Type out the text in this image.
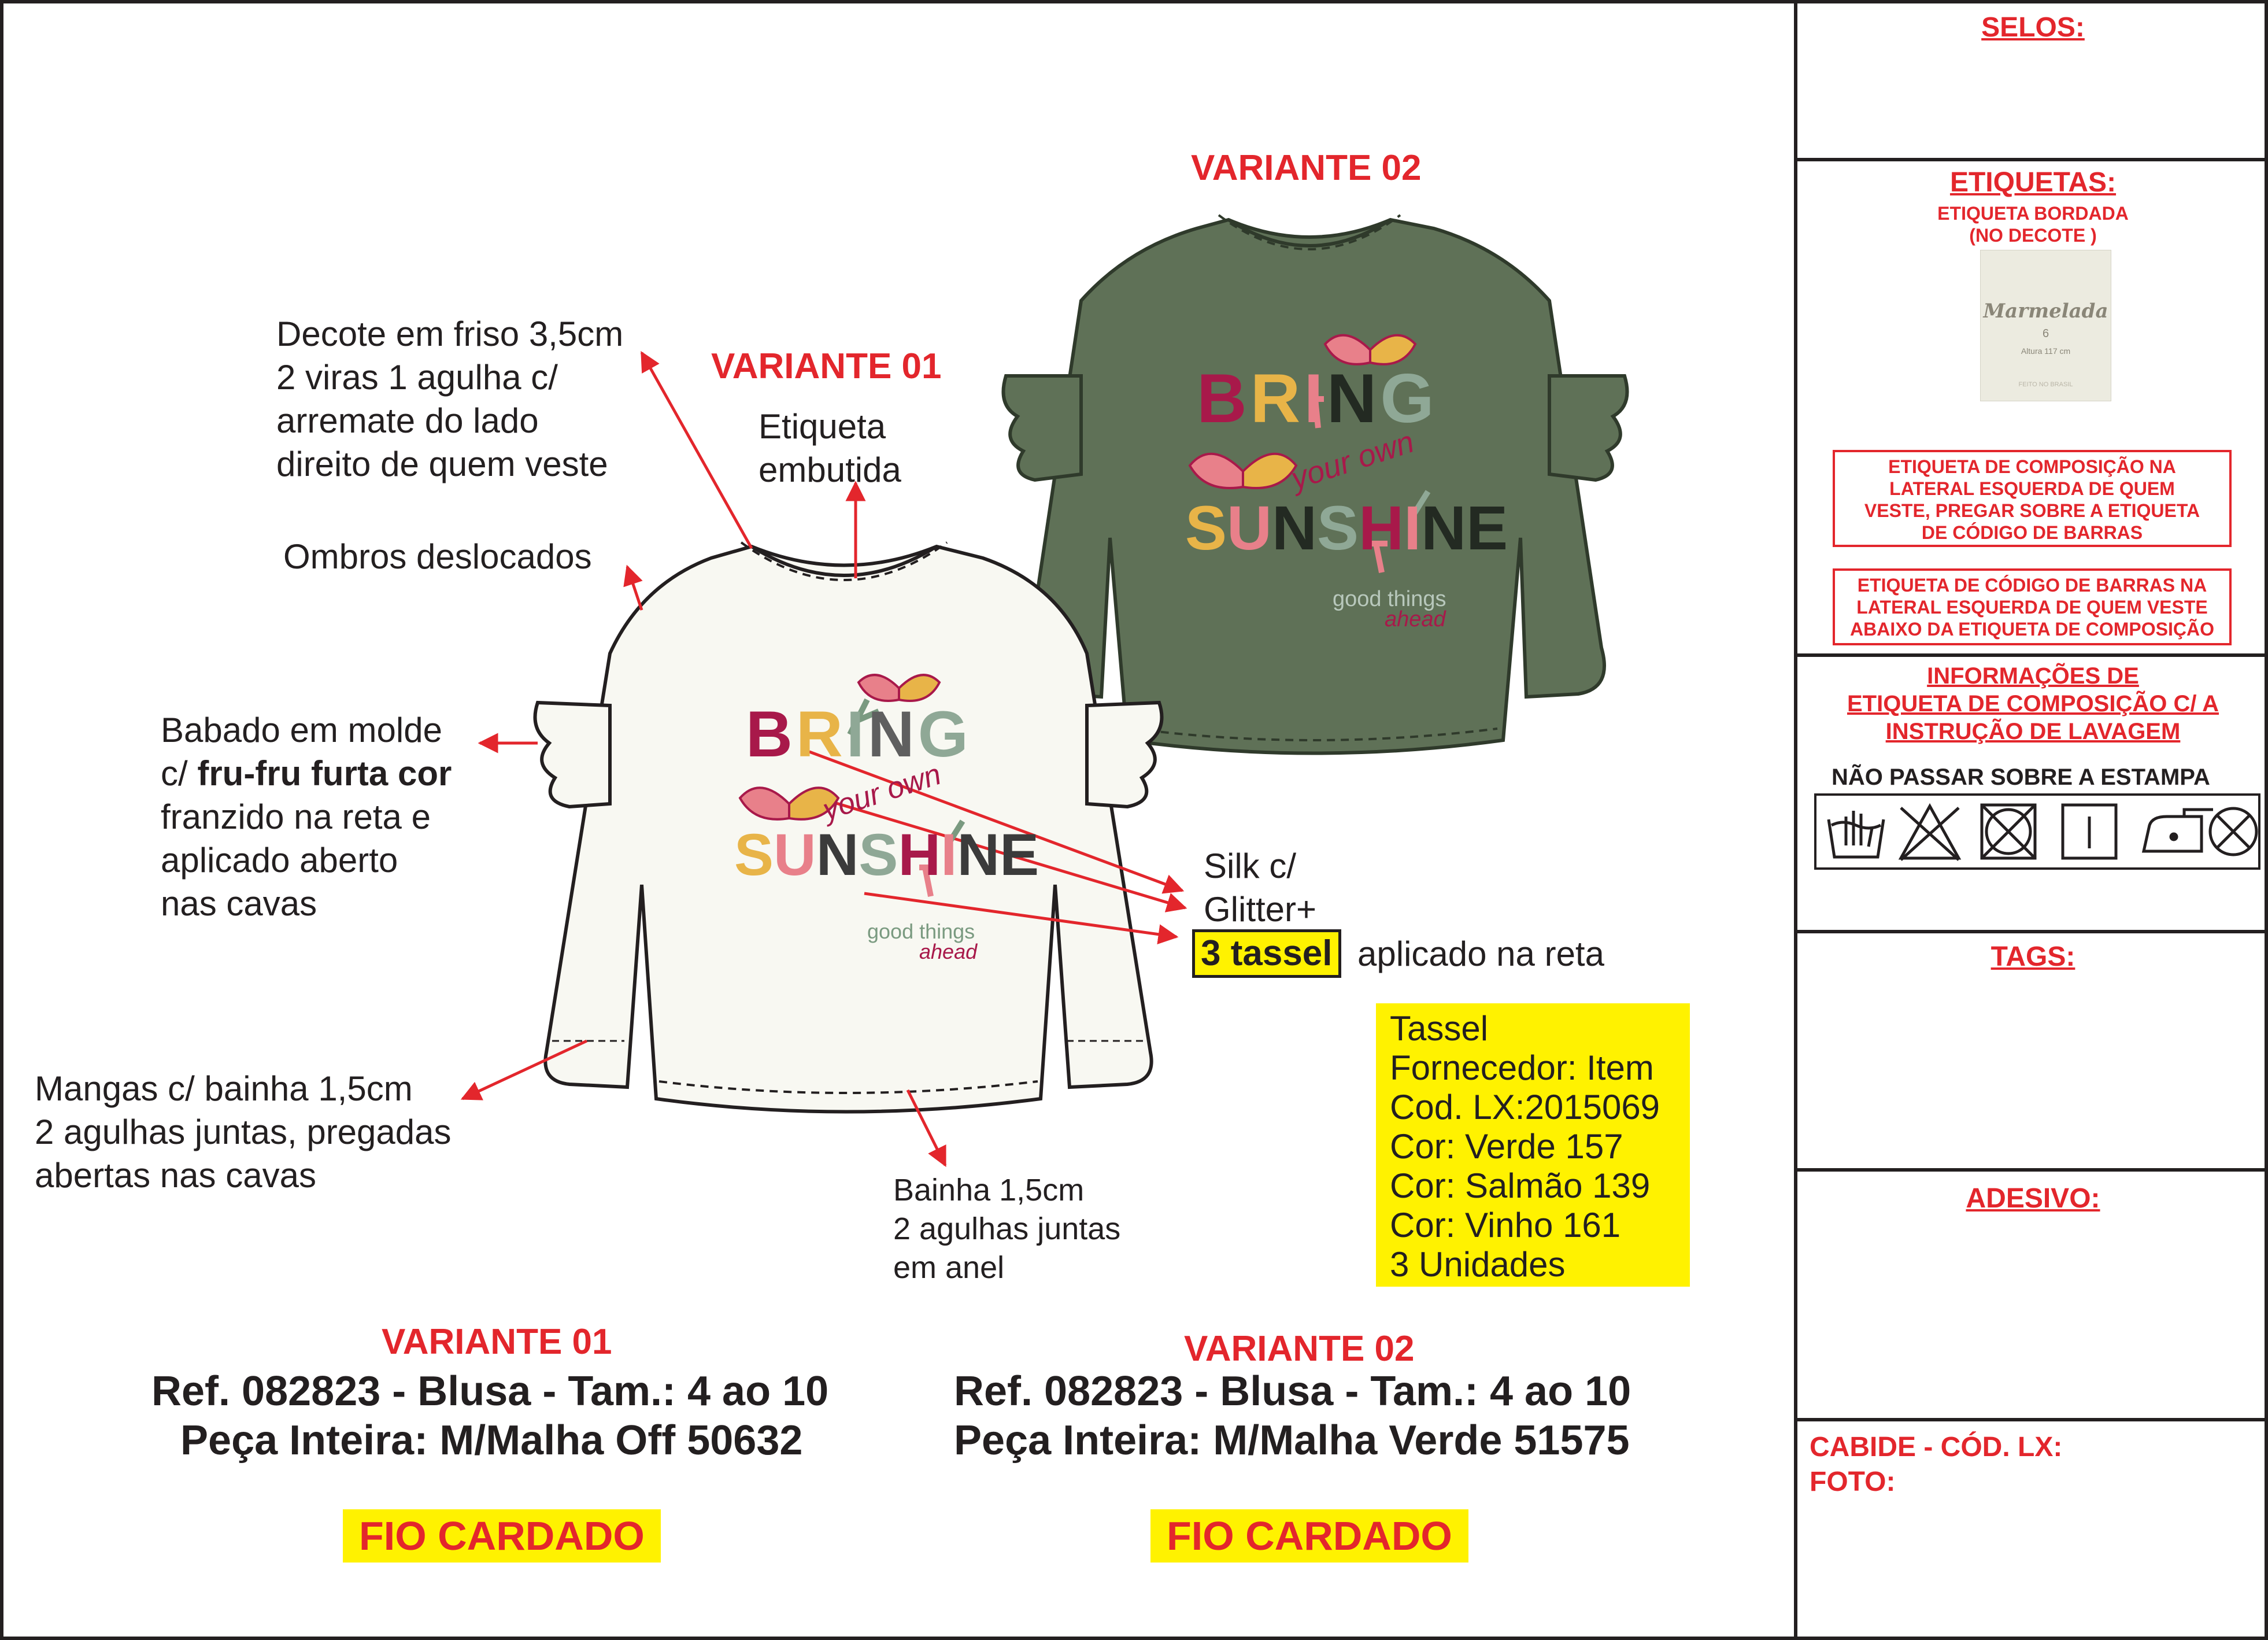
BRING
your own
SUNSHINE
good things
ahead
BRING
your own
SUNSHINE
good things
ahead
VARIANTE 02
VARIANTE 01
Decote em friso 3,5cm
2 viras 1 agulha c/
arremate do lado
direito de quem veste
Etiqueta
embutida
Ombros deslocados
Babado em molde
c/ fru-fru furta cor
franzido na reta e
aplicado aberto
nas cavas
Mangas c/ bainha 1,5cm
2 agulhas juntas, pregadas
abertas nas cavas
Silk c/
Glitter+
3 tassel aplicado na reta
Bainha 1,5cm
2 agulhas juntas
em anel
Tassel
Fornecedor: Item
Cod. LX:2015069
Cor: Verde 157
Cor: Salmão 139
Cor: Vinho 161
3 Unidades
VARIANTE 01
Ref. 082823 - Blusa - Tam.: 4 ao 10
Peça Inteira: M/Malha Off 50632
FIO CARDADO
VARIANTE 02
Ref. 082823 - Blusa - Tam.: 4 ao 10
Peça Inteira: M/Malha Verde 51575
FIO CARDADO
SELOS:
ETIQUETAS:
ETIQUETA BORDADA
(NO DECOTE )
Marmelada
6
Altura 117 cm
FEITO NO BRASIL
ETIQUETA DE COMPOSIÇÃO NA
LATERAL ESQUERDA DE QUEM
VESTE, PREGAR SOBRE A ETIQUETA
DE CÓDIGO DE BARRAS
ETIQUETA DE CÓDIGO DE BARRAS NA
LATERAL ESQUERDA DE QUEM VESTE
ABAIXO DA ETIQUETA DE COMPOSIÇÃO
INFORMAÇÕES DE
ETIQUETA DE COMPOSIÇÃO C/ A
INSTRUÇÃO DE LAVAGEM
NÃO PASSAR SOBRE A ESTAMPA
TAGS:
ADESIVO:
CABIDE - CÓD. LX:
FOTO:
